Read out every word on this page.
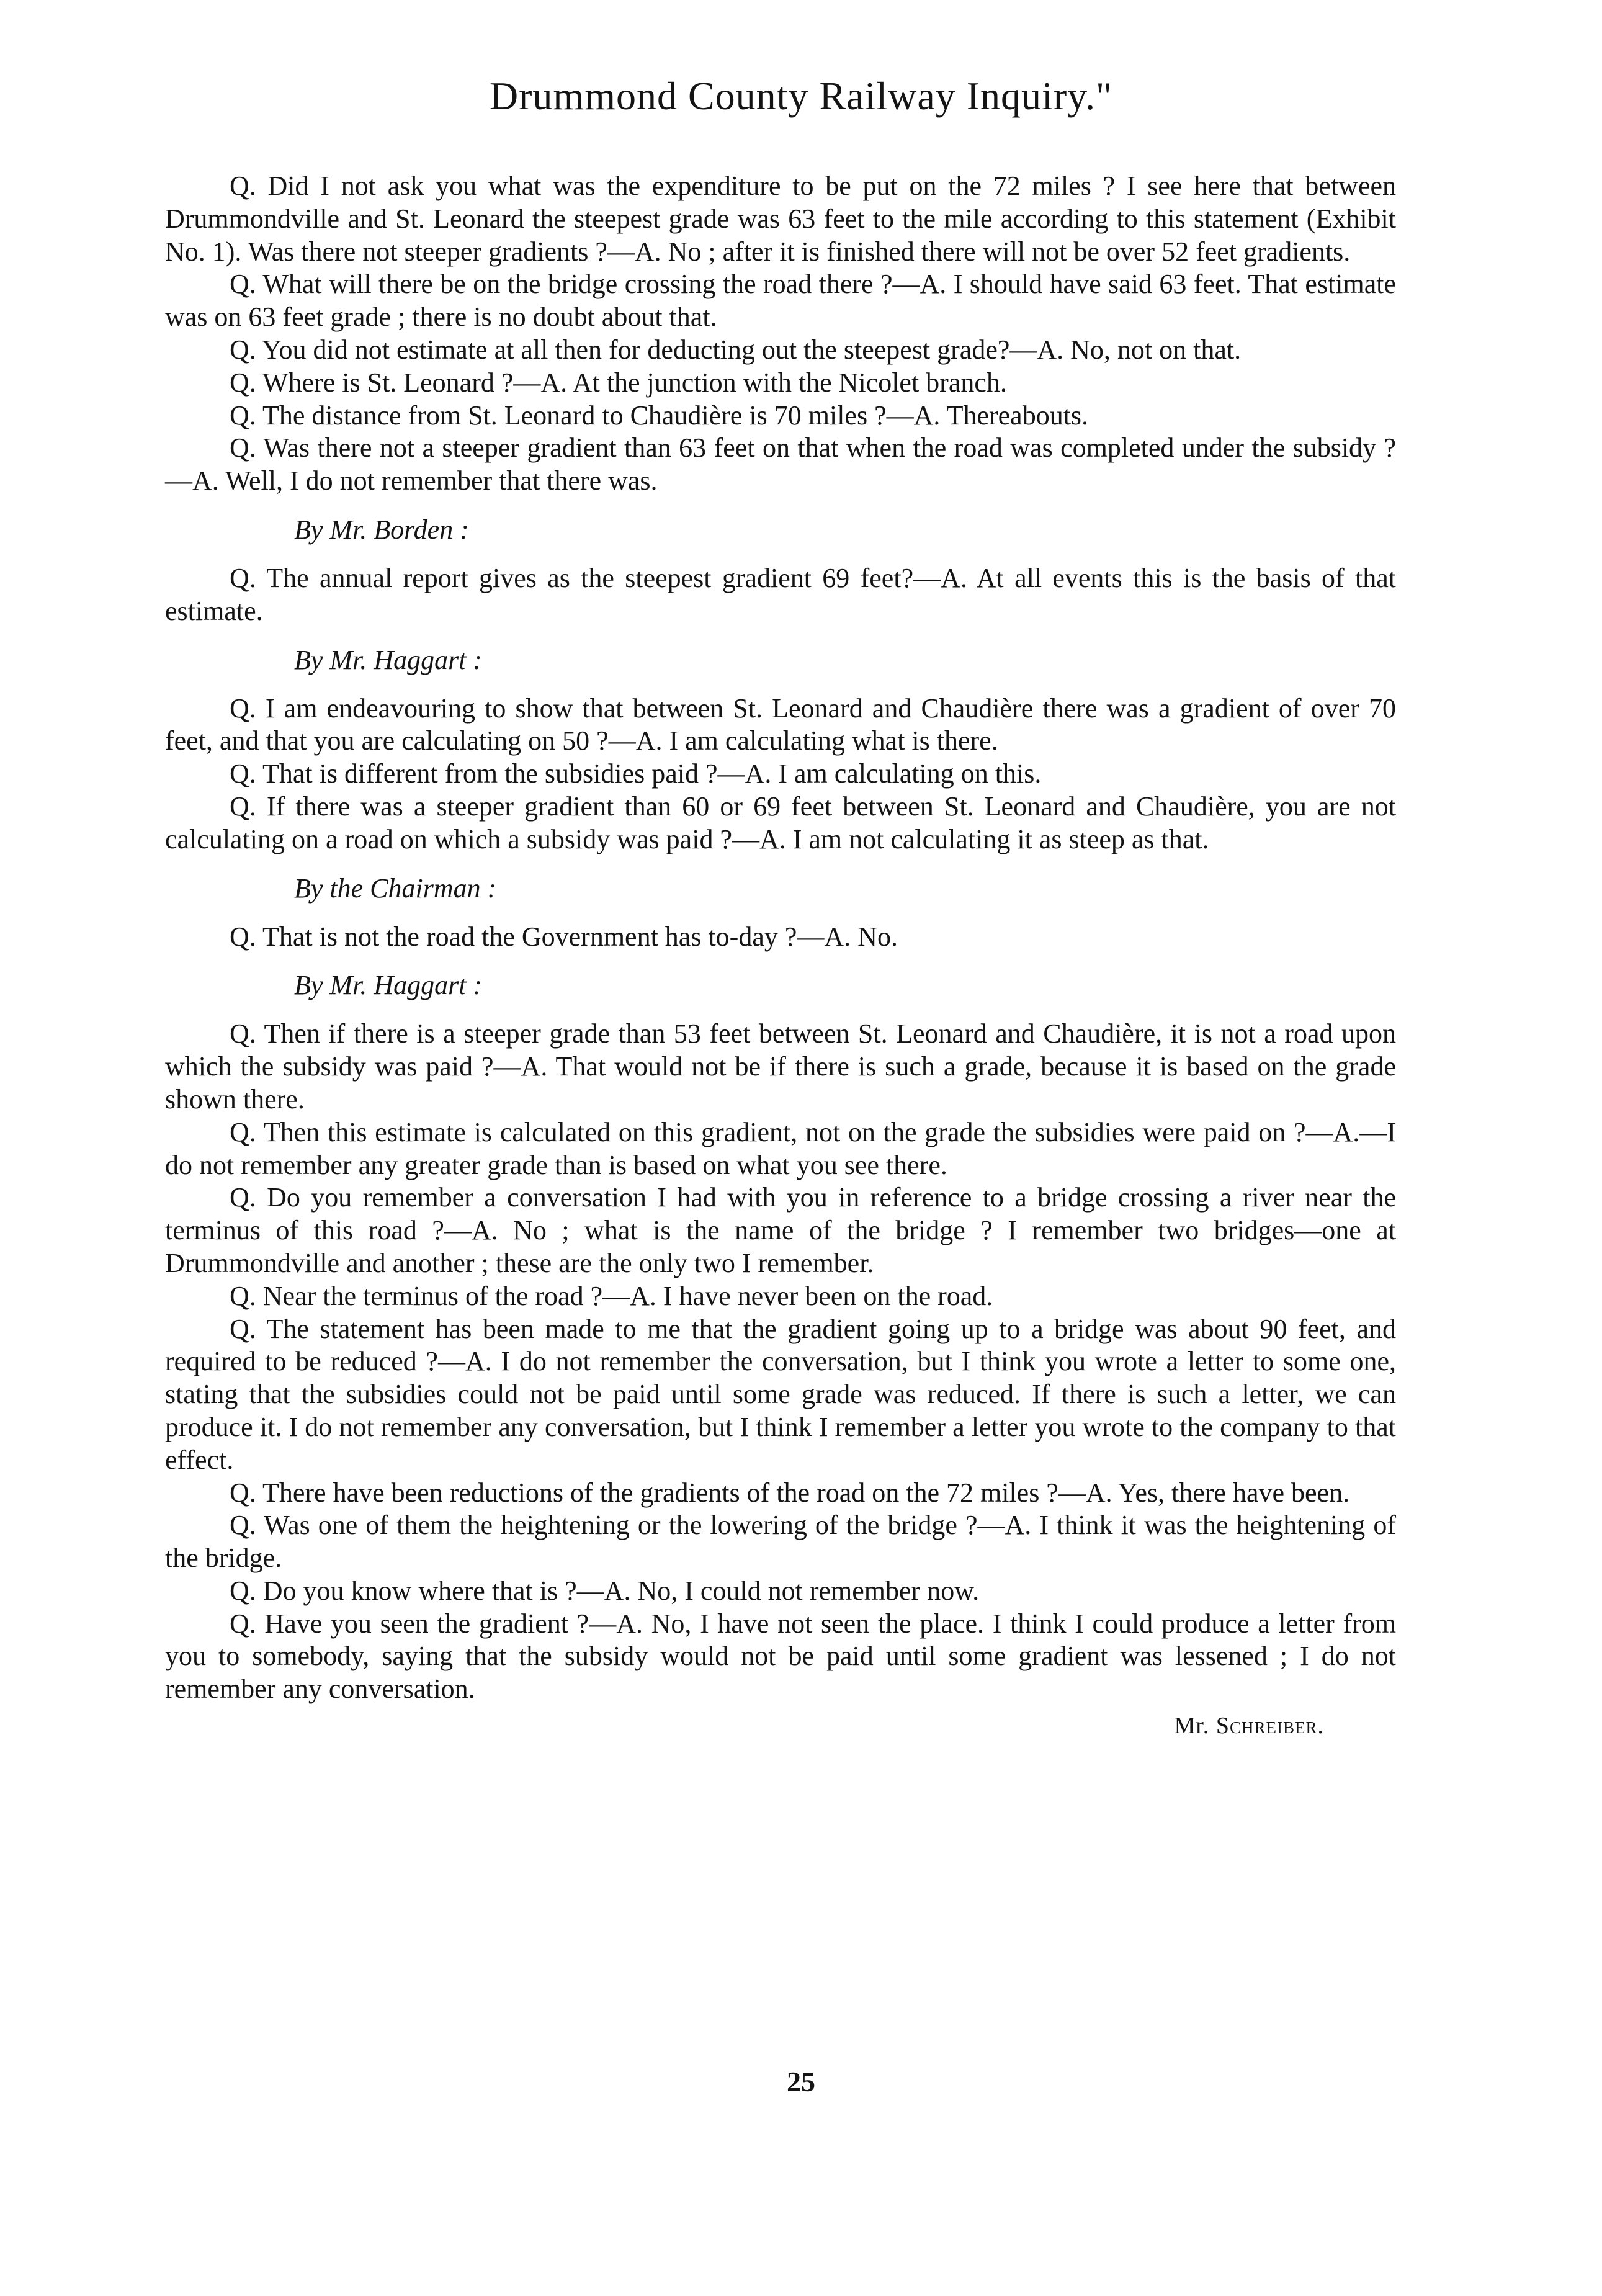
Drummond County Railway Inquiry."

Q. Did I not ask you what was the expenditure to be put on the 72 miles ? I see here that between Drummondville and St. Leonard the steepest grade was 63 feet to the mile according to this statement (Exhibit No. 1). Was there not steeper gradients ?—A. No ; after it is finished there will not be over 52 feet gradients.

Q. What will there be on the bridge crossing the road there ?—A. I should have said 63 feet. That estimate was on 63 feet grade ; there is no doubt about that.

Q. You did not estimate at all then for deducting out the steepest grade?—A. No, not on that.

Q. Where is St. Leonard ?—A. At the junction with the Nicolet branch.

Q. The distance from St. Leonard to Chaudière is 70 miles ?—A. Thereabouts.

Q. Was there not a steeper gradient than 63 feet on that when the road was completed under the subsidy ?—A. Well, I do not remember that there was.

By Mr. Borden :

Q. The annual report gives as the steepest gradient 69 feet?—A. At all events this is the basis of that estimate.

By Mr. Haggart :

Q. I am endeavouring to show that between St. Leonard and Chaudière there was a gradient of over 70 feet, and that you are calculating on 50 ?—A. I am calculating what is there.

Q. That is different from the subsidies paid ?—A. I am calculating on this.

Q. If there was a steeper gradient than 60 or 69 feet between St. Leonard and Chaudière, you are not calculating on a road on which a subsidy was paid ?—A. I am not calculating it as steep as that.

By the Chairman :

Q. That is not the road the Government has to-day ?—A. No.

By Mr. Haggart :

Q. Then if there is a steeper grade than 53 feet between St. Leonard and Chaudière, it is not a road upon which the subsidy was paid ?—A. That would not be if there is such a grade, because it is based on the grade shown there.

Q. Then this estimate is calculated on this gradient, not on the grade the subsidies were paid on ?—A.—I do not remember any greater grade than is based on what you see there.

Q. Do you remember a conversation I had with you in reference to a bridge crossing a river near the terminus of this road ?—A. No ; what is the name of the bridge ? I remember two bridges—one at Drummondville and another ; these are the only two I remember.

Q. Near the terminus of the road ?—A. I have never been on the road.

Q. The statement has been made to me that the gradient going up to a bridge was about 90 feet, and required to be reduced ?—A. I do not remember the conversation, but I think you wrote a letter to some one, stating that the subsidies could not be paid until some grade was reduced. If there is such a letter, we can produce it. I do not remember any conversation, but I think I remember a letter you wrote to the company to that effect.

Q. There have been reductions of the gradients of the road on the 72 miles ?—A. Yes, there have been.

Q. Was one of them the heightening or the lowering of the bridge ?—A. I think it was the heightening of the bridge.

Q. Do you know where that is ?—A. No, I could not remember now.

Q. Have you seen the gradient ?—A. No, I have not seen the place. I think I could produce a letter from you to somebody, saying that the subsidy would not be paid until some gradient was lessened ; I do not remember any conversation.

Mr. Schreiber.

25
